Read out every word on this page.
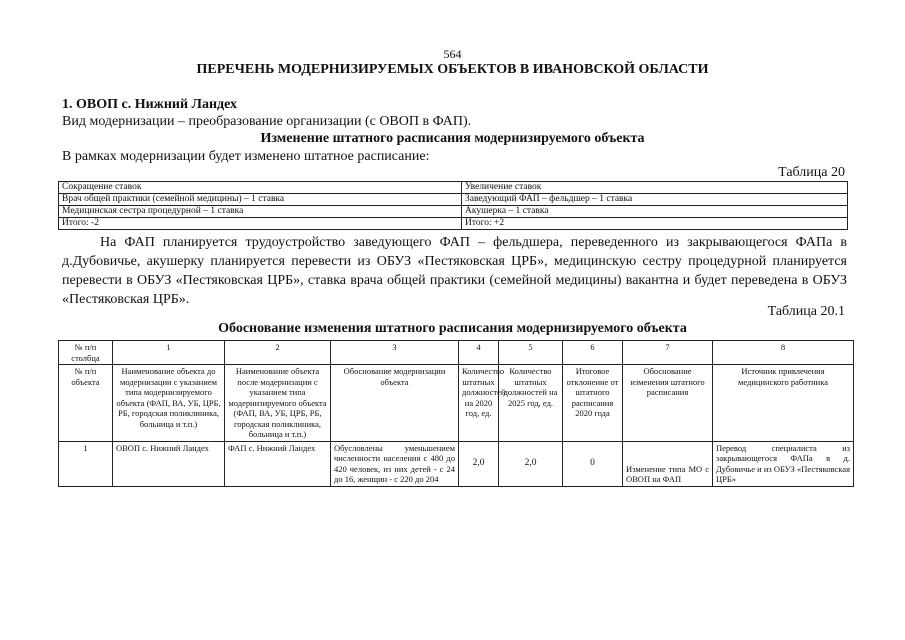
564
ПЕРЕЧЕНЬ МОДЕРНИЗИРУЕМЫХ ОБЪЕКТОВ В ИВАНОВСКОЙ ОБЛАСТИ
1. ОВОП с. Нижний Ландех
Вид модернизации – преобразование организации (с ОВОП в ФАП).
Изменение штатного расписания модернизируемого объекта
В рамках модернизации будет изменено штатное расписание:
Таблица 20
Сокращение ставок	Увеличение ставок
Врач общей практики (семейной медицины) – 1 ставка	Заведующий ФАП – фельдшер – 1 ставка
Медицинская сестра процедурной – 1 ставка	Акушерка – 1 ставка
Итого: -2	Итого: +2

На ФАП планируется трудоустройство заведующего ФАП – фельдшера, переведенного из закрывающегося ФАПа в д.Дубовичье, акушерку планируется перевести из ОБУЗ «Пестяковская ЦРБ», медицинскую сестру процедурной планируется перевести в ОБУЗ «Пестяковская ЦРБ», ставка врача общей практики (семейной медицины) вакантна и будет переведена в ОБУЗ «Пестяковская ЦРБ».

Таблица 20.1
Обоснование изменения штатного расписания модернизируемого объекта
№ п/п столбца	1	2	3	4	5	6	7	8
№ п/п объекта	Наименование объекта до модернизации с указанием типа модернизируемого объекта (ФАП, ВА, УБ, ЦРБ, РБ, городская поликлиника, больница и т.п.)	Наименование объекта после модернизации с указанием типа модернизируемого объекта (ФАП, ВА, УБ, ЦРБ, РБ, городская поликлиника, больница и т.п.)	Обоснование модернизации объекта	Количество штатных должностей на 2020 год, ед.	Количество штатных должностей на 2025 год, ед.	Итоговое отклонение от штатного расписания 2020 года	Обоснование изменения штатного расписания	Источник привлечения медицинского работника
1	ОВОП с. Нижний Ландех	ФАП с. Нижний Ландех	Обусловлены уменьшением численности населения с 480 до 420 человек, из них детей - с 24 до 16, женщин - с 220 до 204	2,0	2,0	0	Изменение типа МО с ОВОП на ФАП	Перевод специалиста из закрывающегося ФАПа в д. Дубовичье и из ОБУЗ «Пестяковская ЦРБ»
